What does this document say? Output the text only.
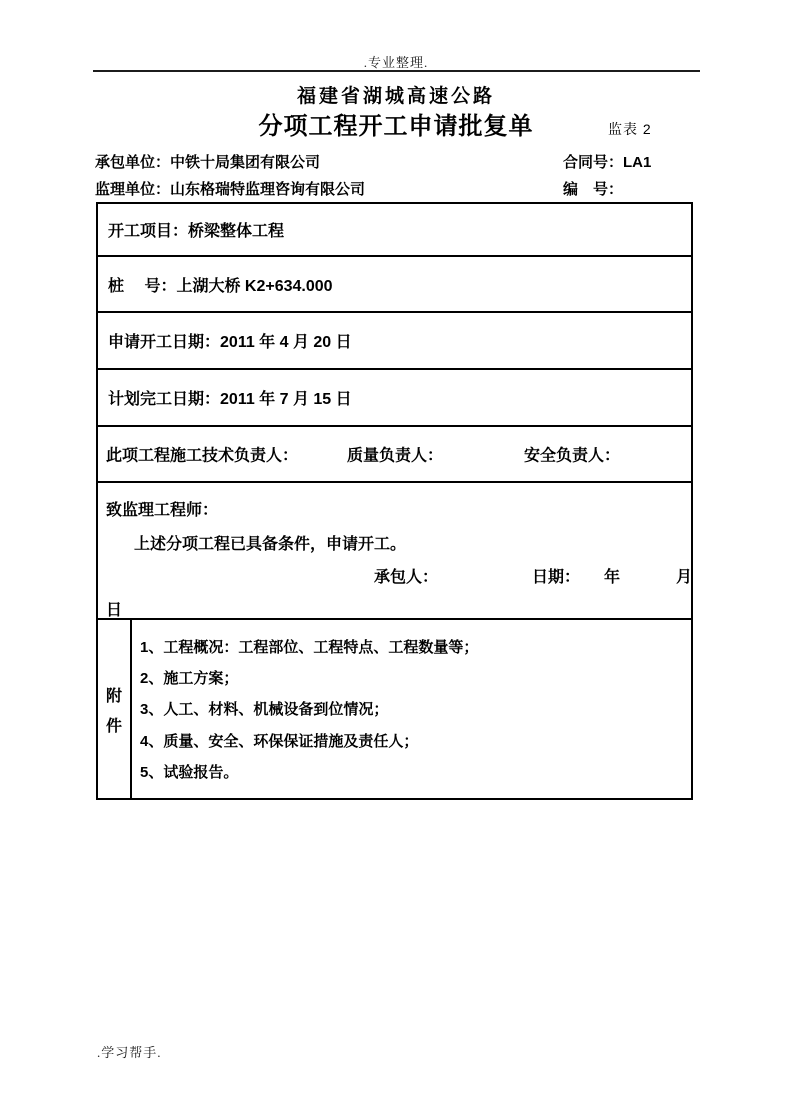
.专业整理.
福建省湖城高速公路
分项工程开工申请批复单	监表 2
承包单位：中铁十局集团有限公司	合同号：LA1
监理单位：山东格瑞特监理咨询有限公司	编　号：
开工项目： 桥梁整体工程
桩　 号： 上湖大桥 K2+634.000
申请开工日期： 2011 年 4 月 20 日
计划完工日期： 2011 年 7 月 15 日
此项工程施工技术负责人：	质量负责人：	安全负责人：
致监理工程师：
上述分项工程已具备条件，申请开工。
承包人：	日期： 年	月
日
附
件
1、工程概况：工程部位、工程特点、工程数量等；
2、施工方案；
3、人工、材料、机械设备到位情况；
4、质量、安全、环保保证措施及责任人；
5、试验报告。
.学习帮手.
